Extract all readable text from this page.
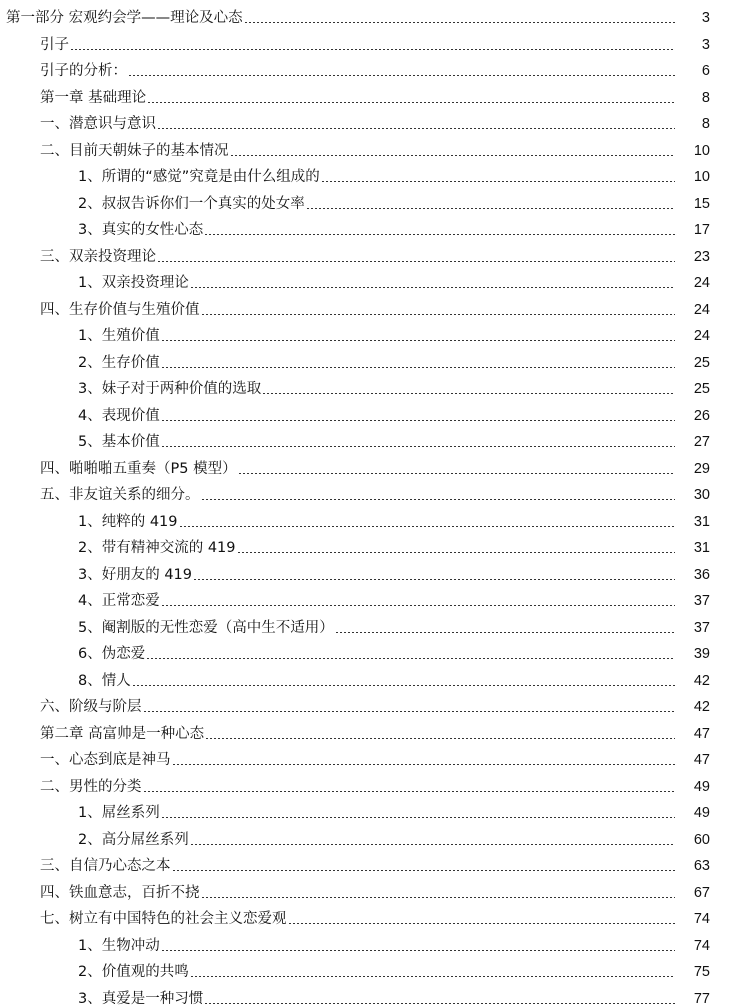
第一部分 宏观约会学——理论及心态	3
引子	3
引子的分析：	6
第一章 基础理论	8
一、潜意识与意识	8
二、目前天朝妹子的基本情况	10
1、所谓的“感觉”究竟是由什么组成的	10
2、叔叔告诉你们一个真实的处女率	15
3、真实的女性心态	17
三、双亲投资理论	23
1、双亲投资理论	24
四、生存价值与生殖价值	24
1、生殖价值	24
2、生存价值	25
3、妹子对于两种价值的选取	25
4、表现价值	26
5、基本价值	27
四、啪啪啪五重奏（P5 模型）	29
五、非友谊关系的细分。	30
1、纯粹的 419	31
2、带有精神交流的 419	31
3、好朋友的 419	36
4、正常恋爱	37
5、阉割版的无性恋爱（高中生不适用）	37
6、伪恋爱	39
8、情人	42
六、阶级与阶层	42
第二章 高富帅是一种心态	47
一、心态到底是神马	47
二、男性的分类	49
1、屌丝系列	49
2、高分屌丝系列	60
三、自信乃心态之本	63
四、铁血意志，百折不挠	67
七、树立有中国特色的社会主义恋爱观	74
1、生物冲动	74
2、价值观的共鸣	75
3、真爱是一种习惯	77
